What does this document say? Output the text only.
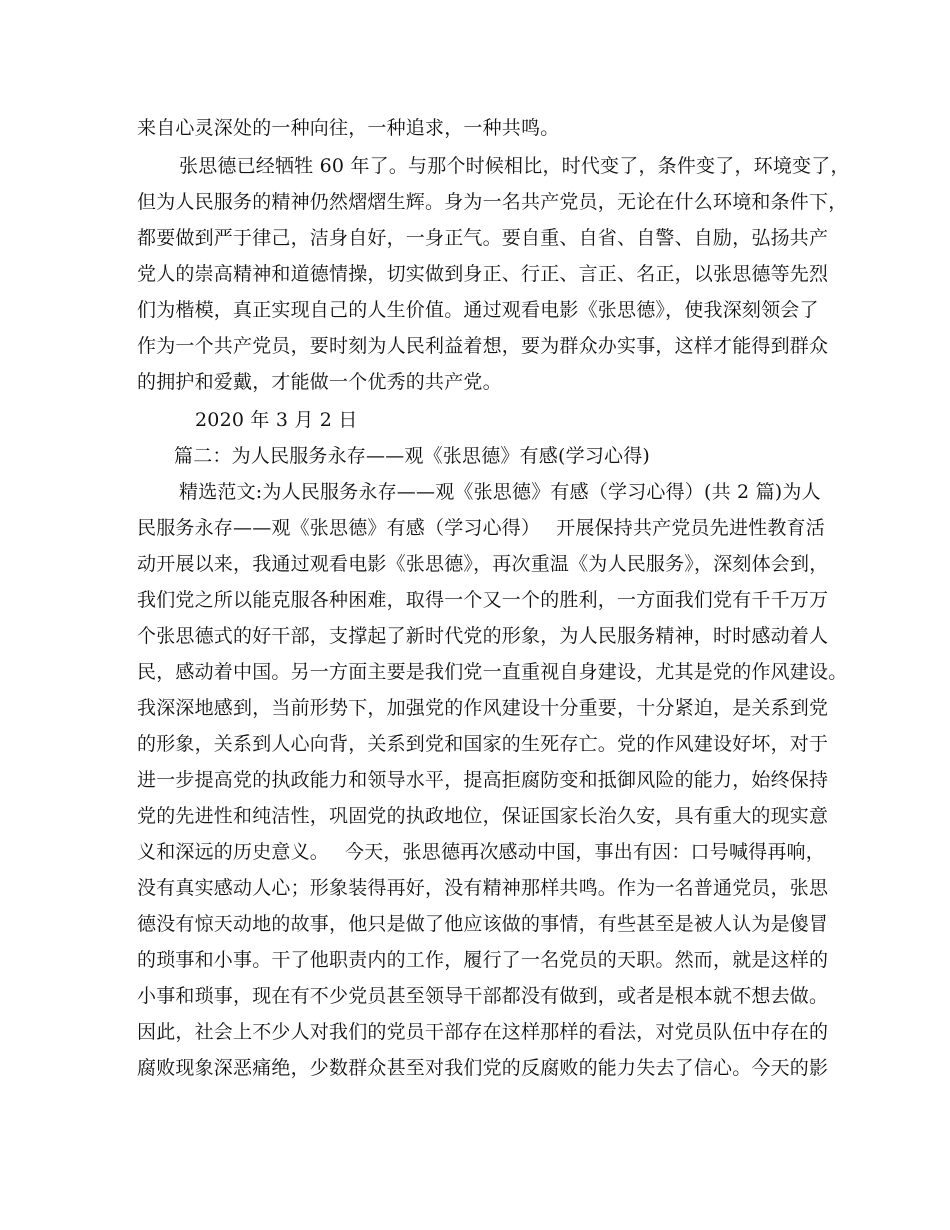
来自心灵深处的一种向往，一种追求，一种共鸣。
张思德已经牺牲 60 年了。与那个时候相比，时代变了，条件变了，环境变了，
但为人民服务的精神仍然熠熠生辉。身为一名共产党员，无论在什么环境和条件下，
都要做到严于律己，洁身自好，一身正气。要自重、自省、自警、自励，弘扬共产
党人的崇高精神和道德情操，切实做到身正、行正、言正、名正，以张思德等先烈
们为楷模，真正实现自己的人生价值。通过观看电影《张思德》，使我深刻领会了
作为一个共产党员，要时刻为人民利益着想，要为群众办实事，这样才能得到群众
的拥护和爱戴，才能做一个优秀的共产党。
2020 年 3 月 2 日
篇二：为人民服务永存——观《张思德》有感(学习心得)
精选范文:为人民服务永存——观《张思德》有感（学习心得）(共 2 篇)为人
民服务永存——观《张思德》有感（学习心得）　 开展保持共产党员先进性教育活
动开展以来，我通过观看电影《张思德》，再次重温《为人民服务》，深刻体会到，
我们党之所以能克服各种困难，取得一个又一个的胜利，一方面我们党有千千万万
个张思德式的好干部，支撑起了新时代党的形象，为人民服务精神，时时感动着人
民，感动着中国。另一方面主要是我们党一直重视自身建设，尤其是党的作风建设。
我深深地感到，当前形势下，加强党的作风建设十分重要，十分紧迫，是关系到党
的形象，关系到人心向背，关系到党和国家的生死存亡。党的作风建设好坏，对于
进一步提高党的执政能力和领导水平，提高拒腐防变和抵御风险的能力，始终保持
党的先进性和纯洁性，巩固党的执政地位，保证国家长治久安，具有重大的现实意
义和深远的历史意义。　 今天，张思德再次感动中国，事出有因：口号喊得再响，
没有真实感动人心；形象装得再好，没有精神那样共鸣。作为一名普通党员，张思
德没有惊天动地的故事，他只是做了他应该做的事情，有些甚至是被人认为是傻冒
的琐事和小事。干了他职责内的工作，履行了一名党员的天职。然而，就是这样的
小事和琐事，现在有不少党员甚至领导干部都没有做到，或者是根本就不想去做。
因此，社会上不少人对我们的党员干部存在这样那样的看法，对党员队伍中存在的
腐败现象深恶痛绝，少数群众甚至对我们党的反腐败的能力失去了信心。今天的影
